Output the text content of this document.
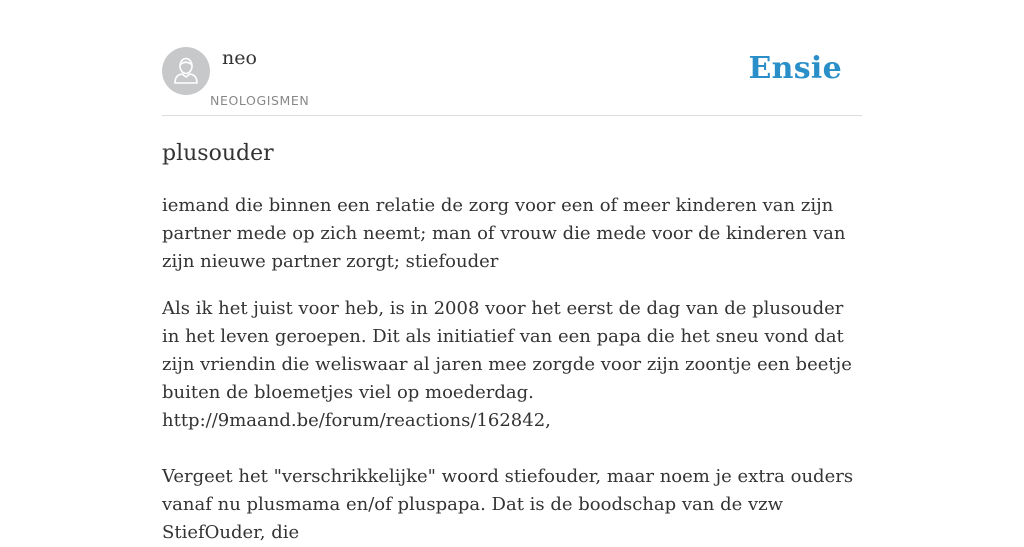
neo
NEOLOGISMEN
Ensie
plusouder

iemand die binnen een relatie de zorg voor een of meer kinderen van zijn partner mede op zich neemt; man of vrouw die mede voor de kinderen van zijn nieuwe partner zorgt; stiefouder

Als ik het juist voor heb, is in 2008 voor het eerst de dag van de plusouder in het leven geroepen. Dit als initiatief van een papa die het sneu vond dat zijn vriendin die weliswaar al jaren mee zorgde voor zijn zoontje een beetje buiten de bloemetjes viel op moederdag.
http://9maand.be/forum/reactions/162842,

Vergeet het "verschrikkelijke" woord stiefouder, maar noem je extra ouders vanaf nu plusmama en/of pluspapa. Dat is de boodschap van de vzw StiefOuder, die
